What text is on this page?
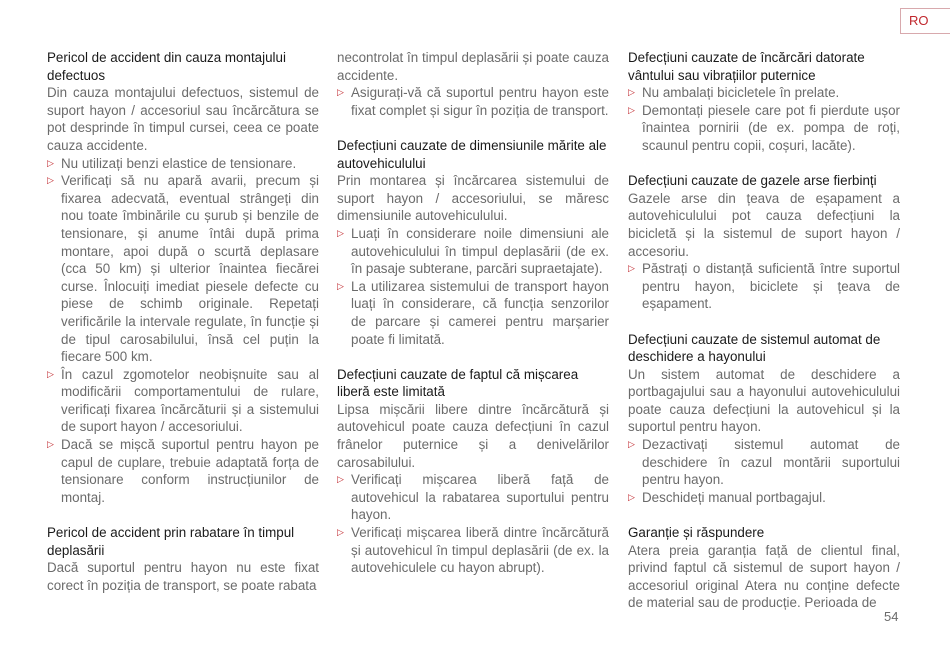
RO
Pericol de accident din cauza montajului defectuos
Din cauza montajului defectuos, sistemul de suport hayon / accesoriul sau încărcătura se pot desprinde în timpul cursei, ceea ce poate cauza accidente.
▷ Nu utilizați benzi elastice de tensionare.
▷ Verificați să nu apară avarii, precum și fixarea adecvată, eventual strângeți din nou toate îmbinările cu șurub și benzile de tensionare, și anume întâi după prima montare, apoi după o scurtă deplasare (cca 50 km) și ulterior înaintea fiecărei curse. Înlocuiți imediat piesele defecte cu piese de schimb originale. Repetați verificările la intervale regulate, în funcție și de tipul carosabilului, însă cel puțin la fiecare 500 km.
▷ În cazul zgomotelor neobișnuite sau al modificării comportamentului de rulare, verificați fixarea încărcăturii și a sistemului de suport hayon / accesoriului.
▷ Dacă se mișcă suportul pentru hayon pe capul de cuplare, trebuie adaptată forța de tensionare conform instrucțiunilor de montaj.
Pericol de accident prin rabatare în timpul deplasării
Dacă suportul pentru hayon nu este fixat corect în poziția de transport, se poate rabata
necontrolat în timpul deplasării și poate cauza accidente.
▷ Asigurați-vă că suportul pentru hayon este fixat complet și sigur în poziția de transport.
Defecțiuni cauzate de dimensiunile mărite ale autovehiculului
Prin montarea și încărcarea sistemului de suport hayon / accesoriului, se măresc dimensiunile autovehiculului.
▷ Luați în considerare noile dimensiuni ale autovehiculului în timpul deplasării (de ex. în pasaje subterane, parcări supraetajate).
▷ La utilizarea sistemului de transport hayon luați în considerare, că funcția senzorilor de parcare și camerei pentru marșarier poate fi limitată.
Defecțiuni cauzate de faptul că mișcarea liberă este limitată
Lipsa mișcării libere dintre încărcătură și autovehicul poate cauza defecțiuni în cazul frânelor puternice și a denivelărilor carosabilului.
▷ Verificați mișcarea liberă față de autovehicul la rabatarea suportului pentru hayon.
▷ Verificați mișcarea liberă dintre încărcătură și autovehicul în timpul deplasării (de ex. la autovehiculele cu hayon abrupt).
Defecțiuni cauzate de încărcări datorate vântului sau vibrațiilor puternice
▷ Nu ambalați bicicletele în prelate.
▷ Demontați piesele care pot fi pierdute ușor înaintea pornirii (de ex. pompa de roți, scaunul pentru copii, coșuri, lacăte).
Defecțiuni cauzate de gazele arse fierbinți
Gazele arse din țeava de eșapament a autovehiculului pot cauza defecțiuni la bicicletă și la sistemul de suport hayon / accesoriu.
▷ Păstrați o distanță suficientă între suportul pentru hayon, biciclete și țeava de eșapament.
Defecțiuni cauzate de sistemul automat de deschidere a hayonului
Un sistem automat de deschidere a portbagajului sau a hayonului autovehiculului poate cauza defecțiuni la autovehicul și la suportul pentru hayon.
▷ Dezactivați sistemul automat de deschidere în cazul montării suportului pentru hayon.
▷ Deschideți manual portbagajul.
Garanție și răspundere
Atera preia garanția față de clientul final, privind faptul că sistemul de suport hayon / accesoriul original Atera nu conține defecte de material sau de producție. Perioada de
54
